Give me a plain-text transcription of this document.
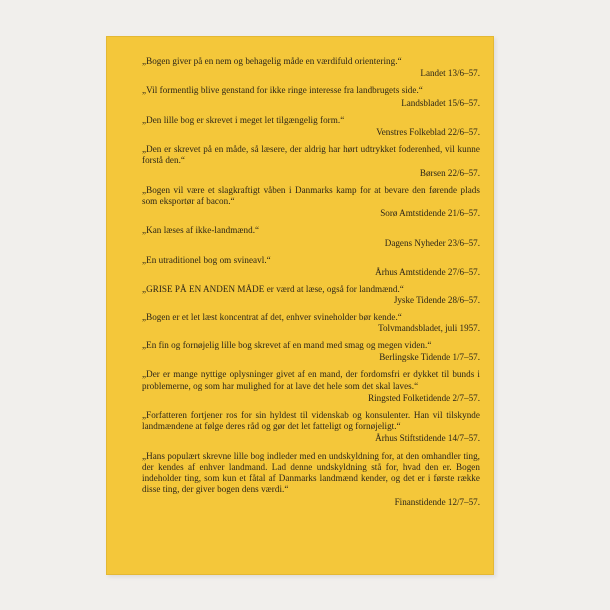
„Bogen giver på en nem og behagelig måde en værdifuld orientering.“
Landet 13/6–57.
„Vil formentlig blive genstand for ikke ringe interesse fra landbrugets side.“
Landsbladet 15/6–57.
„Den lille bog er skrevet i meget let tilgængelig form.“
Venstres Folkeblad 22/6–57.
„Den er skrevet på en måde, så læsere, der aldrig har hørt udtrykket foderenhed, vil kunne forstå den.“
Børsen 22/6–57.
„Bogen vil være et slagkraftigt våben i Danmarks kamp for at bevare den førende plads som eksportør af bacon.“
Sorø Amtstidende 21/6–57.
„Kan læses af ikke-landmænd.“
Dagens Nyheder 23/6–57.
„En utraditionel bog om svineavl.“
Århus Amtstidende 27/6–57.
„GRISE PÅ EN ANDEN MÅDE er værd at læse, også for landmænd.“
Jyske Tidende 28/6–57.
„Bogen er et let læst koncentrat af det, enhver svineholder bør kende.“
Tolvmandsbladet, juli 1957.
„En fin og fornøjelig lille bog skrevet af en mand med smag og megen viden.“
Berlingske Tidende 1/7–57.
„Der er mange nyttige oplysninger givet af en mand, der fordomsfri er dykket til bunds i problemerne, og som har mulighed for at lave det hele som det skal laves.“
Ringsted Folketidende 2/7–57.
„Forfatteren fortjener ros for sin hyldest til videnskab og konsulenter. Han vil tilskynde landmændene at følge deres råd og gør det let fatteligt og fornøjeligt.“
Århus Stiftstidende 14/7–57.
„Hans populært skrevne lille bog indleder med en undskyldning for, at den omhandler ting, der kendes af enhver landmand. Lad denne undskyldning stå for, hvad den er. Bogen indeholder ting, som kun et fåtal af Danmarks landmænd kender, og det er i første række disse ting, der giver bogen dens værdi.“
Finanstidende 12/7–57.
